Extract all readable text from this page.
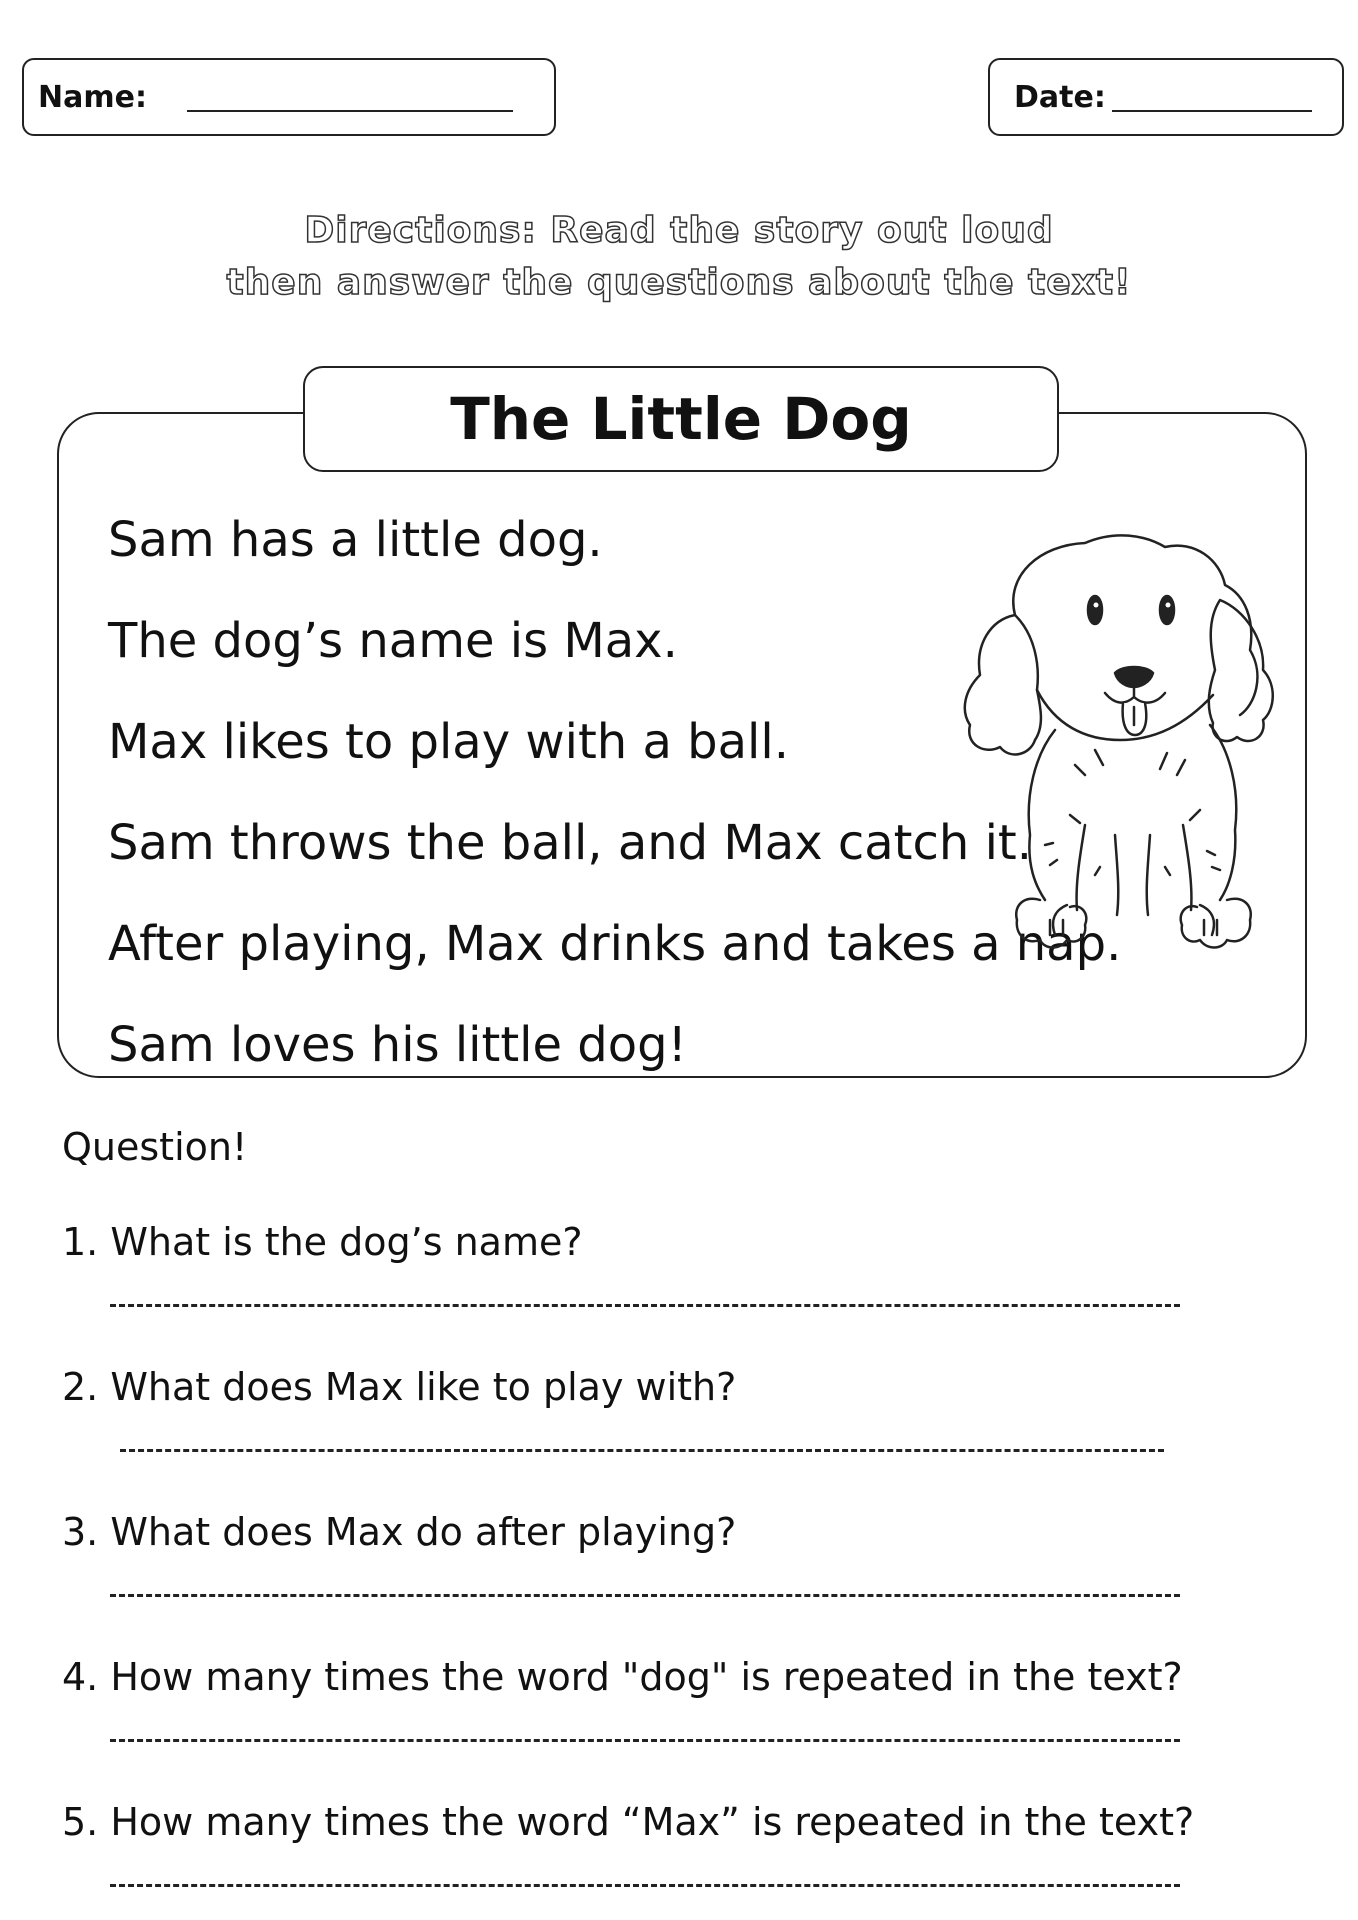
Name:	Date:
Directions: Read the story out loud
then answer the questions about the text!
The Little Dog
Sam has a little dog.
The dog’s name is Max.
Max likes to play with a ball.
Sam throws the ball, and Max catch it.
After playing, Max drinks and takes a nap.
Sam loves his little dog!
Question!
1. What is the dog’s name?
2. What does Max like to play with?
3. What does Max do after playing?
4. How many times the word "dog" is repeated in the text?
5. How many times the word “Max” is repeated in the text?
